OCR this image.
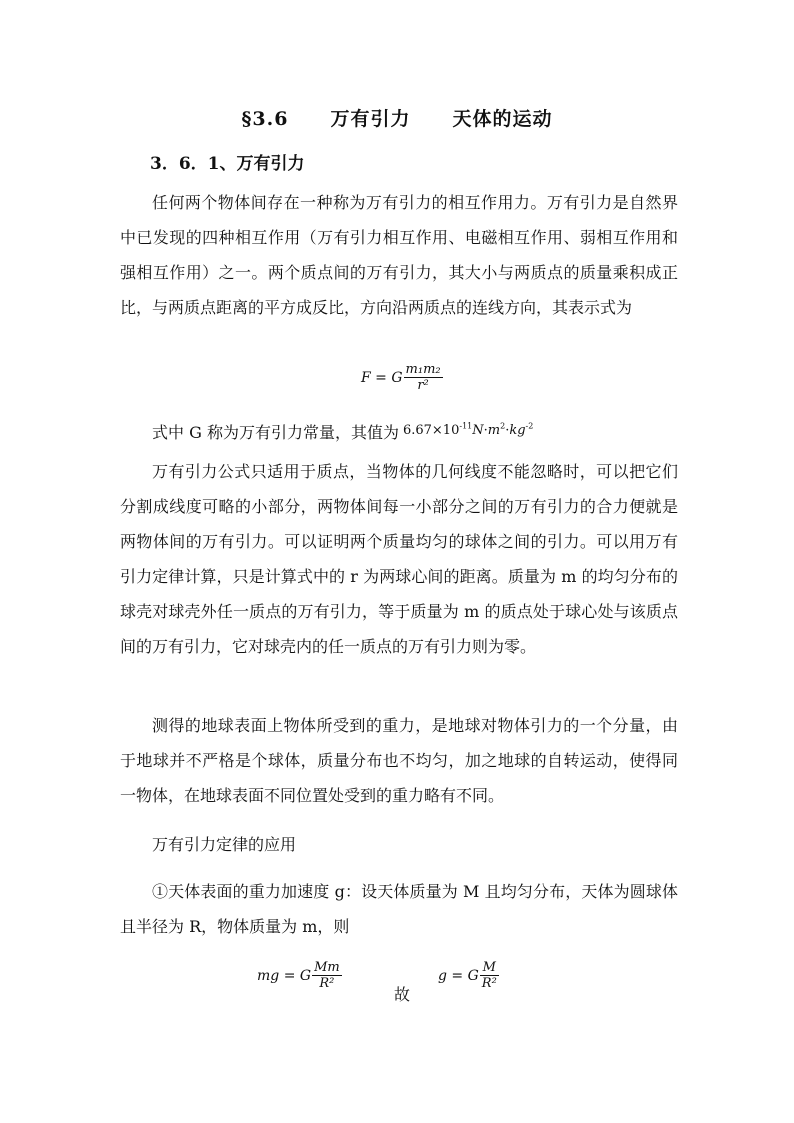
§3.6 万有引力 天体的运动
3．6．1、万有引力

任何两个物体间存在一种称为万有引力的相互作用力。万有引力是自然界中已发现的四种相互作用（万有引力相互作用、电磁相互作用、弱相互作用和强相互作用）之一。两个质点间的万有引力，其大小与两质点的质量乘积成正比，与两质点距离的平方成反比，方向沿两质点的连线方向，其表示式为

F = G $\frac{\text{m₁m₂}}{\text{r²}}$
式中 G 称为万有引力常量，其值为 $^{6.67\times 10^{-11}N\cdot m^2\cdot kg^{-2}}$

万有引力公式只适用于质点，当物体的几何线度不能忽略时，可以把它们分割成线度可略的小部分，两物体间每一小部分之间的万有引力的合力便就是两物体间的万有引力。可以证明两个质量均匀的球体之间的引力。可以用万有引力定律计算，只是计算式中的 r 为两球心间的距离。质量为 m 的均匀分布的球壳对球壳外任一质点的万有引力，等于质量为 m 的质点处于球心处与该质点间的万有引力，它对球壳内的任一质点的万有引力则为零。

测得的地球表面上物体所受到的重力，是地球对物体引力的一个分量，由于地球并不严格是个球体，质量分布也不均匀，加之地球的自转运动，使得同一物体，在地球表面不同位置处受到的重力略有不同。

万有引力定律的应用

①天体表面的重力加速度 g：设天体质量为 M 且均匀分布，天体为圆球体且半径为 R，物体质量为 m，则

mg = G $\frac{Mm}{\text{R²}}$
故
g = G $\frac{M}{\text{R²}}$
